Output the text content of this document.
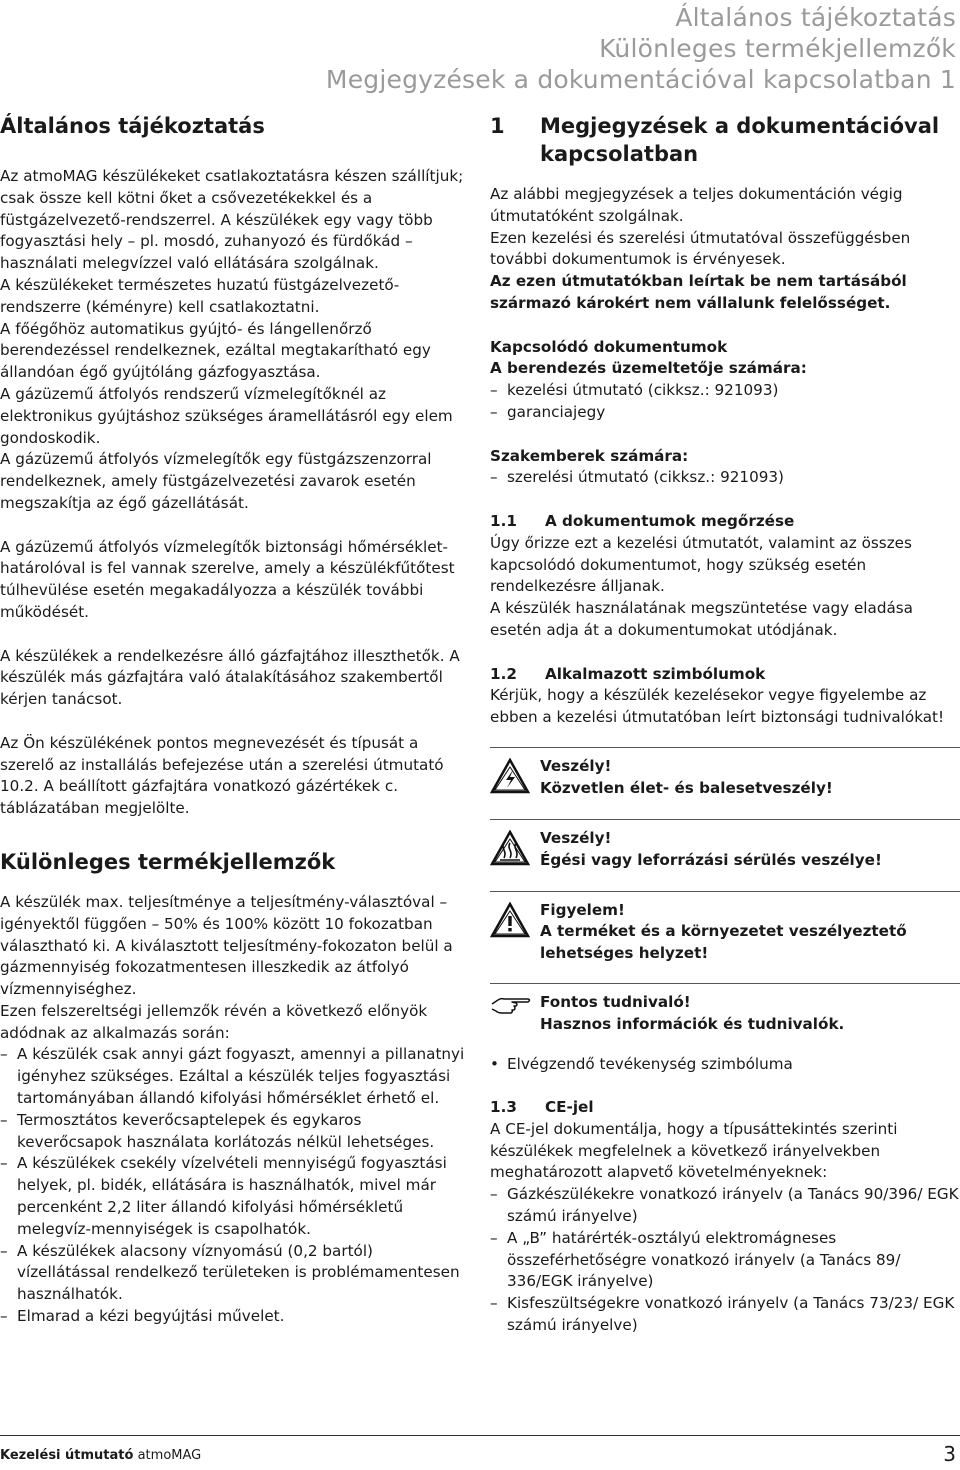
Általános tájékoztatás
Különleges termékjellemzők
Megjegyzések a dokumentációval kapcsolatban 1
Általános tájékoztatás

Az atmoMAG készülékeket csatlakoztatásra készen szállítjuk; csak össze kell kötni őket a csővezetékekkel és a füstgázelvezető-rendszerrel. A készülékek egy vagy több fogyasztási hely – pl. mosdó, zuhanyozó és fürdőkád – használati melegvízzel való ellátására szolgálnak.

A készülékeket természetes huzatú füstgázelvezető-rendszerre (kéményre) kell csatlakoztatni.

A főégőhöz automatikus gyújtó- és lángellenőrző berendezéssel rendelkeznek, ezáltal megtakarítható egy állandóan égő gyújtóláng gázfogyasztása.

A gázüzemű átfolyós rendszerű vízmelegítőknél az elektronikus gyújtáshoz szükséges áramellátásról egy elem gondoskodik.

A gázüzemű átfolyós vízmelegítők egy füstgázszenzorral rendelkeznek, amely füstgázelvezetési zavarok esetén megszakítja az égő gázellátását.

A gázüzemű átfolyós vízmelegítők biztonsági hőmérséklet-határolóval is fel vannak szerelve, amely a készülékfűtőtest túlhevülése esetén megakadályozza a készülék további működését.

A készülékek a rendelkezésre álló gázfajtához illeszthetők. A készülék más gázfajtára való átalakításához szakembertől kérjen tanácsot.

Az Ön készülékének pontos megnevezését és típusát a szerelő az installálás befejezése után a szerelési útmutató 10.2. A beállított gázfajtára vonatkozó gázértékek c. táblázatában megjelölte.

Különleges termékjellemzők

A készülék max. teljesítménye a teljesítmény-választóval – igényektől függően – 50% és 100% között 10 fokozatban választható ki. A kiválasztott teljesítmény-fokozaton belül a gázmennyiség fokozatmentesen illeszkedik az átfolyó vízmennyiséghez.

Ezen felszereltségi jellemzők révén a következő előnyök adódnak az alkalmazás során:

– A készülék csak annyi gázt fogyaszt, amennyi a pillanatnyi igényhez szükséges. Ezáltal a készülék teljes fogyasztási tartományában állandó kifolyási hőmérséklet érhető el.
– Termosztátos keverőcsaptelepek és egykaros keverőcsapok használata korlátozás nélkül lehetséges.
– A készülékek csekély vízelvételi mennyiségű fogyasztási helyek, pl. bidék, ellátására is használhatók, mivel már percenként 2,2 liter állandó kifolyási hőmérsékletű melegvíz-mennyiségek is csapolhatók.
– A készülékek alacsony víznyomású (0,2 bartól) vízellátással rendelkező területeken is problémamentesen használhatók.
– Elmarad a kézi begyújtási művelet.
1	Megjegyzések a dokumentációval kapcsolatban

Az alábbi megjegyzések a teljes dokumentáción végig útmutatóként szolgálnak.

Ezen kezelési és szerelési útmutatóval összefüggésben további dokumentumok is érvényesek.

Az ezen útmutatókban leírtak be nem tartásából származó károkért nem vállalunk felelősséget.

Kapcsolódó dokumentumok

A berendezés üzemeltetője számára:

– kezelési útmutató (cikksz.: 921093)
– garanciajegy

Szakemberek számára:

– szerelési útmutató (cikksz.: 921093)
1.1	A dokumentumok megőrzése

Úgy őrizze ezt a kezelési útmutatót, valamint az összes kapcsolódó dokumentumot, hogy szükség esetén rendelkezésre álljanak.

A készülék használatának megszüntetése vagy eladása esetén adja át a dokumentumokat utódjának.

1.2	Alkalmazott szimbólumok

Kérjük, hogy a készülék kezelésekor vegye figyelembe az ebben a kezelési útmutatóban leírt biztonsági tudnivalókat!

Veszély!
Közvetlen élet- és balesetveszély!
Veszély!
Égési vagy leforrázási sérülés veszélye!
Figyelem!
A terméket és a környezetet veszélyeztető lehetséges helyzet!
Fontos tudnivaló!
Hasznos információk és tudnivalók.
• Elvégzendő tevékenység szimbóluma
1.3	CE-jel

A CE-jel dokumentálja, hogy a típusáttekintés szerinti készülékek megfelelnek a következő irányelvekben meghatározott alapvető követelményeknek:

– Gázkészülékekre vonatkozó irányelv (a Tanács 90/396/ EGK számú irányelve)
– A „B” határérték-osztályú elektromágneses összeférhetőségre vonatkozó irányelv (a Tanács 89/ 336/EGK irányelve)
– Kisfeszültségekre vonatkozó irányelv (a Tanács 73/23/ EGK számú irányelve)
Kezelési útmutató atmoMAG	3
